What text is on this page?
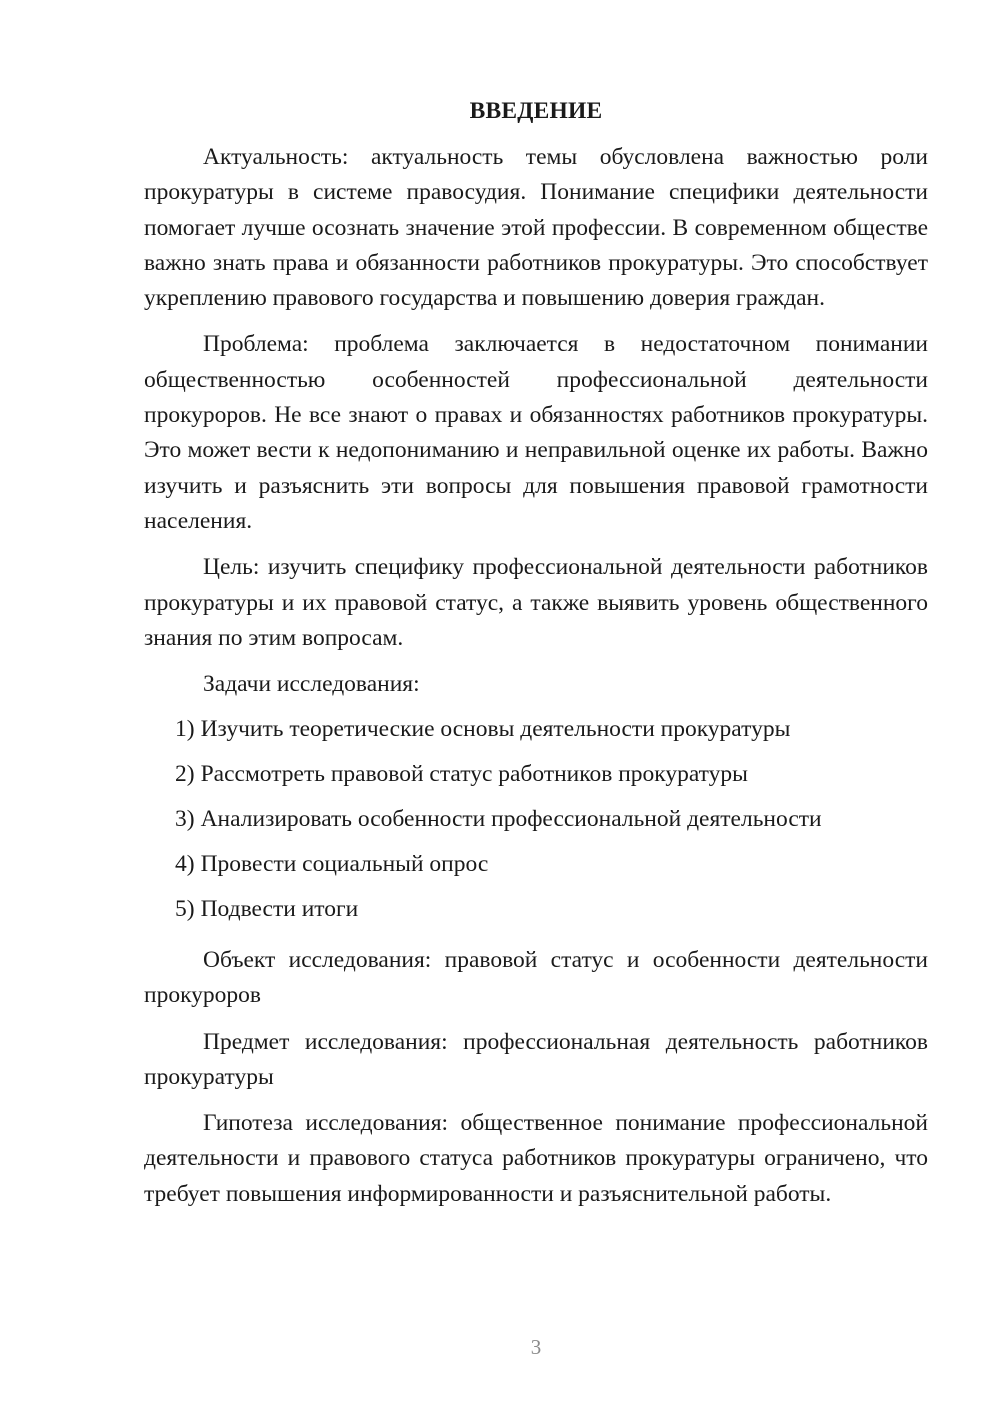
ВВЕДЕНИЕ

Актуальность: актуальность темы обусловлена важностью роли прокуратуры в системе правосудия. Понимание специфики деятельности помогает лучше осознать значение этой профессии. В современном обществе важно знать права и обязанности работников прокуратуры. Это способствует укреплению правового государства и повышению доверия граждан.

Проблема: проблема заключается в недостаточном понимании общественностью особенностей профессиональной деятельности прокуроров. Не все знают о правах и обязанностях работников прокуратуры. Это может вести к недопониманию и неправильной оценке их работы. Важно изучить и разъяснить эти вопросы для повышения правовой грамотности населения.

Цель: изучить специфику профессиональной деятельности работников прокуратуры и их правовой статус, а также выявить уровень общественного знания по этим вопросам.

Задачи исследования:

1) Изучить теоретические основы деятельности прокуратуры
2) Рассмотреть правовой статус работников прокуратуры
3) Анализировать особенности профессиональной деятельности
4) Провести социальный опрос
5) Подвести итоги

Объект исследования: правовой статус и особенности деятельности прокуроров

Предмет исследования: профессиональная деятельность работников прокуратуры

Гипотеза исследования: общественное понимание профессиональной деятельности и правового статуса работников прокуратуры ограничено, что требует повышения информированности и разъяснительной работы.

3
